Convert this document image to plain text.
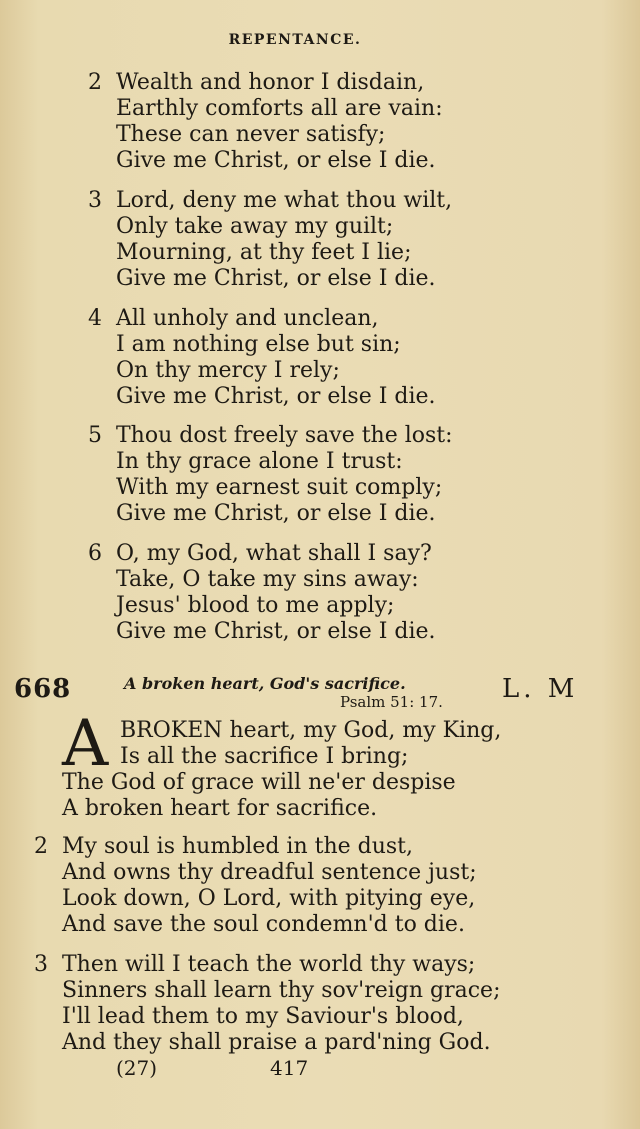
REPENTANCE.
2 Wealth and honor I disdain,
Earthly comforts all are vain:
These can never satisfy;
Give me Christ, or else I die.
3 Lord, deny me what thou wilt,
Only take away my guilt;
Mourning, at thy feet I lie;
Give me Christ, or else I die.
4 All unholy and unclean,
I am nothing else but sin;
On thy mercy I rely;
Give me Christ, or else I die.
5 Thou dost freely save the lost:
In thy grace alone I trust:
With my earnest suit comply;
Give me Christ, or else I die.
6 O, my God, what shall I say?
Take, O take my sins away:
Jesus' blood to me apply;
Give me Christ, or else I die.
668	A broken heart, God's sacrifice.
Psalm 51: 17. L. M
A BROKEN heart, my God, my King,
Is all the sacrifice I bring;
The God of grace will ne'er despise
A broken heart for sacrifice.
2 My soul is humbled in the dust,
And owns thy dreadful sentence just;
Look down, O Lord, with pitying eye,
And save the soul condemn'd to die.
3 Then will I teach the world thy ways;
Sinners shall learn thy sov'reign grace;
I'll lead them to my Saviour's blood,
And they shall praise a pard'ning God.
(27)	417
